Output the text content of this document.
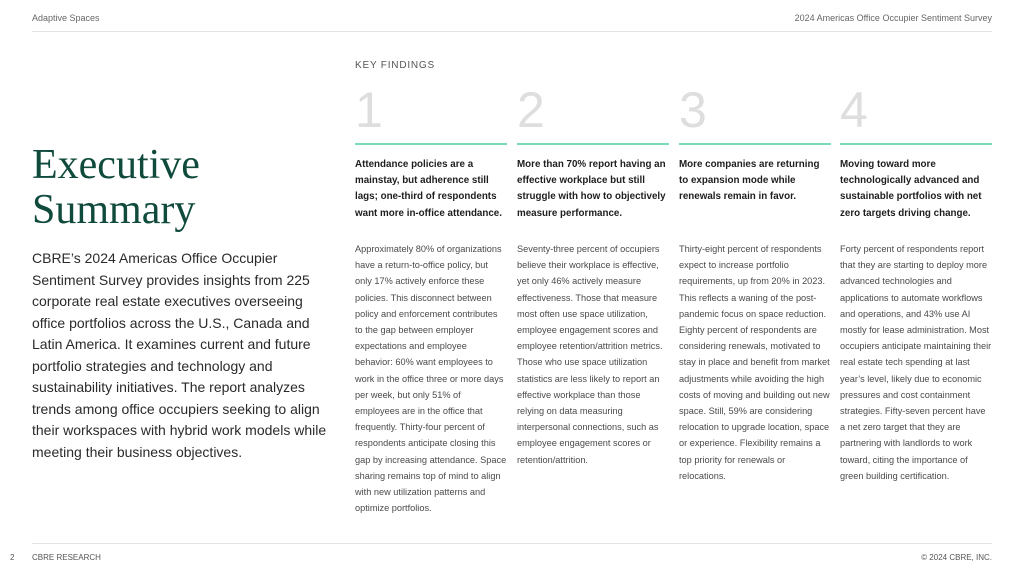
Adaptive Spaces	2024 Americas Office Occupier Sentiment Survey
Executive
Summary

CBRE’s 2024 Americas Office Occupier Sentiment Survey provides insights from 225 corporate real estate executives overseeing office portfolios across the U.S., Canada and Latin America. It examines current and future portfolio strategies and technology and sustainability initiatives. The report analyzes trends among office occupiers seeking to align their workspaces with hybrid work models while meeting their business objectives.

KEY FINDINGS
1
Attendance policies are a mainstay, but adherence still lags; one-third of respondents want more in-office attendance.
Approximately 80% of organizations have a return-to-office policy, but only 17% actively enforce these policies. This disconnect between policy and enforcement contributes to the gap between employer expectations and employee behavior: 60% want employees to work in the office three or more days per week, but only 51% of employees are in the office that frequently. Thirty-four percent of respondents anticipate closing this gap by increasing attendance. Space sharing remains top of mind to align with new utilization patterns and optimize portfolios.
2
More than 70% report having an effective workplace but still struggle with how to objectively measure performance.
Seventy-three percent of occupiers believe their workplace is effective, yet only 46% actively measure effectiveness. Those that measure most often use space utilization, employee engagement scores and employee retention/attrition metrics. Those who use space utilization statistics are less likely to report an effective workplace than those relying on data measuring interpersonal connections, such as employee engagement scores or retention/attrition.
3
More companies are returning to expansion mode while renewals remain in favor.
Thirty-eight percent of respondents expect to increase portfolio requirements, up from 20% in 2023. This reflects a waning of the post-pandemic focus on space reduction. Eighty percent of respondents are considering renewals, motivated to stay in place and benefit from market adjustments while avoiding the high costs of moving and building out new space. Still, 59% are considering relocation to upgrade location, space or experience. Flexibility remains a top priority for renewals or relocations.
4
Moving toward more technologically advanced and sustainable portfolios with net zero targets driving change.
Forty percent of respondents report that they are starting to deploy more advanced technologies and applications to automate workflows and operations, and 43% use AI mostly for lease administration. Most occupiers anticipate maintaining their real estate tech spending at last year’s level, likely due to economic pressures and cost containment strategies. Fifty-seven percent have a net zero target that they are partnering with landlords to work toward, citing the importance of green building certification.
2 CBRE RESEARCH	© 2024 CBRE, INC.
